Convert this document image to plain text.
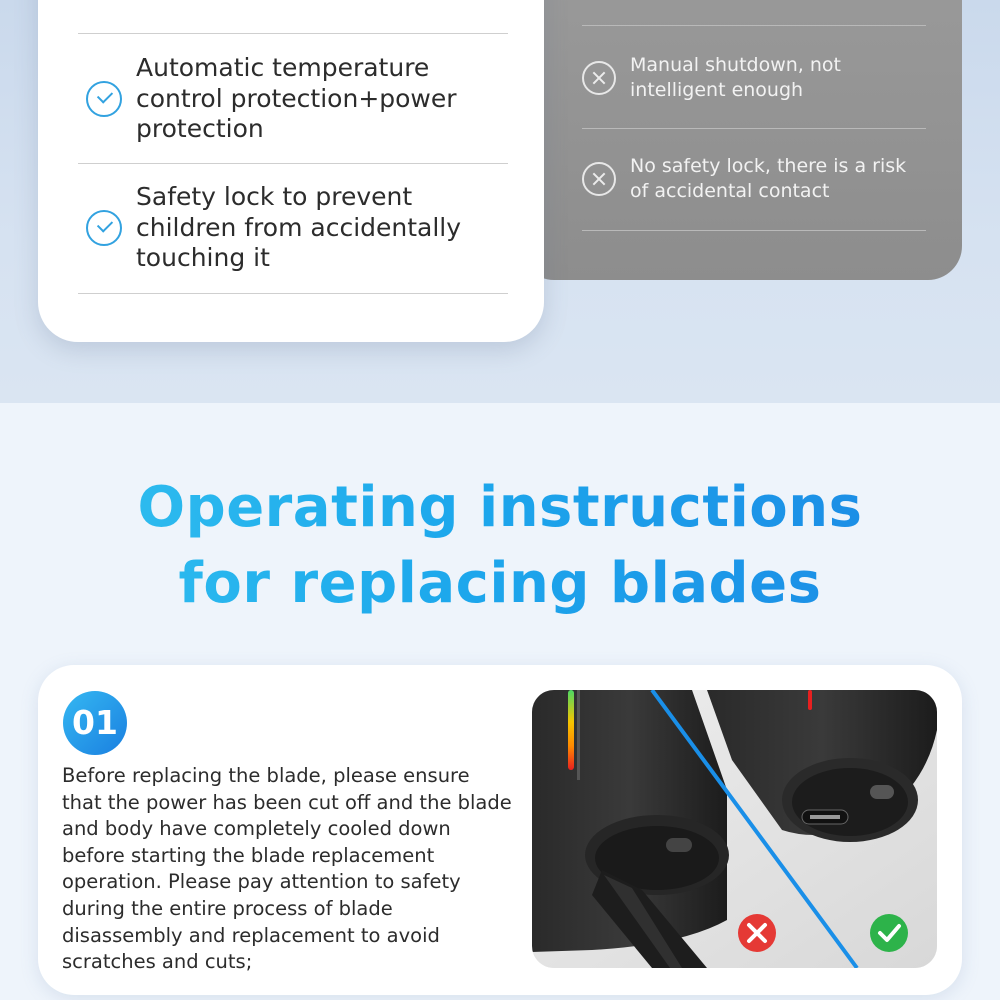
Manual shutdown, not intelligent enough
No safety lock, there is a risk of accidental contact
Automatic temperature control protection+power protection
Safety lock to prevent children from accidentally touching it
Operating instructions
for replacing blades
01
Before replacing the blade, please ensure that the power has been cut off and the blade and body have completely cooled down before starting the blade replacement operation. Please pay attention to safety during the entire process of blade disassembly and replacement to avoid scratches and cuts;
